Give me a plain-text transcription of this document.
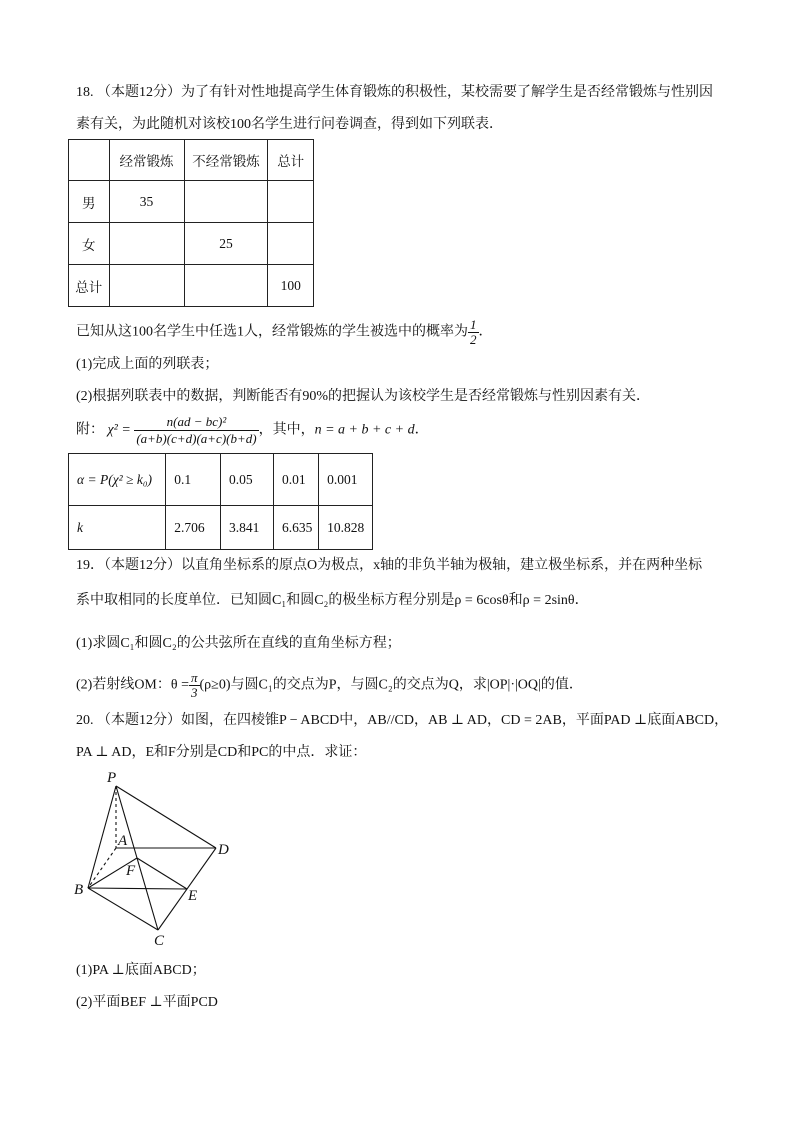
18. （本题12分）为了有针对性地提高学生体育锻炼的积极性，某校需要了解学生是否经常锻炼与性别因
素有关，为此随机对该校100名学生进行问卷调查，得到如下列联表．
	经常锻炼	不经常锻炼	总计
男	35		
女		25	
总计			100
已知从这100名学生中任选1人，经常锻炼的学生被选中的概率为 $\frac{1}{2}$ ．
(1)完成上面的列联表；
(2)根据列联表中的数据，判断能否有90%的把握认为该校学生是否经常锻炼与性别因素有关．
附： $\chi^2 = \frac{\text{n(ad − bc)²}}{(a+b)(c+d)(a+c)(b+d)}$ ，其中，n = a + b + c + d．
α = P(χ² ≥ k₀)	0.1	0.05	0.01	0.001
k	2.706	3.841	6.635	10.828
19．（本题12分）以直角坐标系的原点O为极点，x轴的非负半轴为极轴，建立极坐标系，并在两种坐标
系中取相同的长度单位．已知圆C₁和圆C₂的极坐标方程分别是ρ = 6cosθ和ρ = 2sinθ．
(1)求圆C₁和圆C₂的公共弦所在直线的直角坐标方程；
(2)若射线OM：$\theta = \frac{\pi}{3} (\rho\ge 0)$与圆C₁的交点为P，与圆C₂的交点为Q，求|OP|·|OQ|的值．
20. （本题12分）如图，在四棱锥P − ABCD中，AB//CD，AB ⊥ AD，CD = 2AB，平面PAD ⊥底面ABCD，
PA ⊥ AD，E和F分别是CD和PC的中点．求证：
P
A
D
F
B	E
C
(1)PA ⊥底面ABCD；
(2)平面BEF ⊥平面PCD
